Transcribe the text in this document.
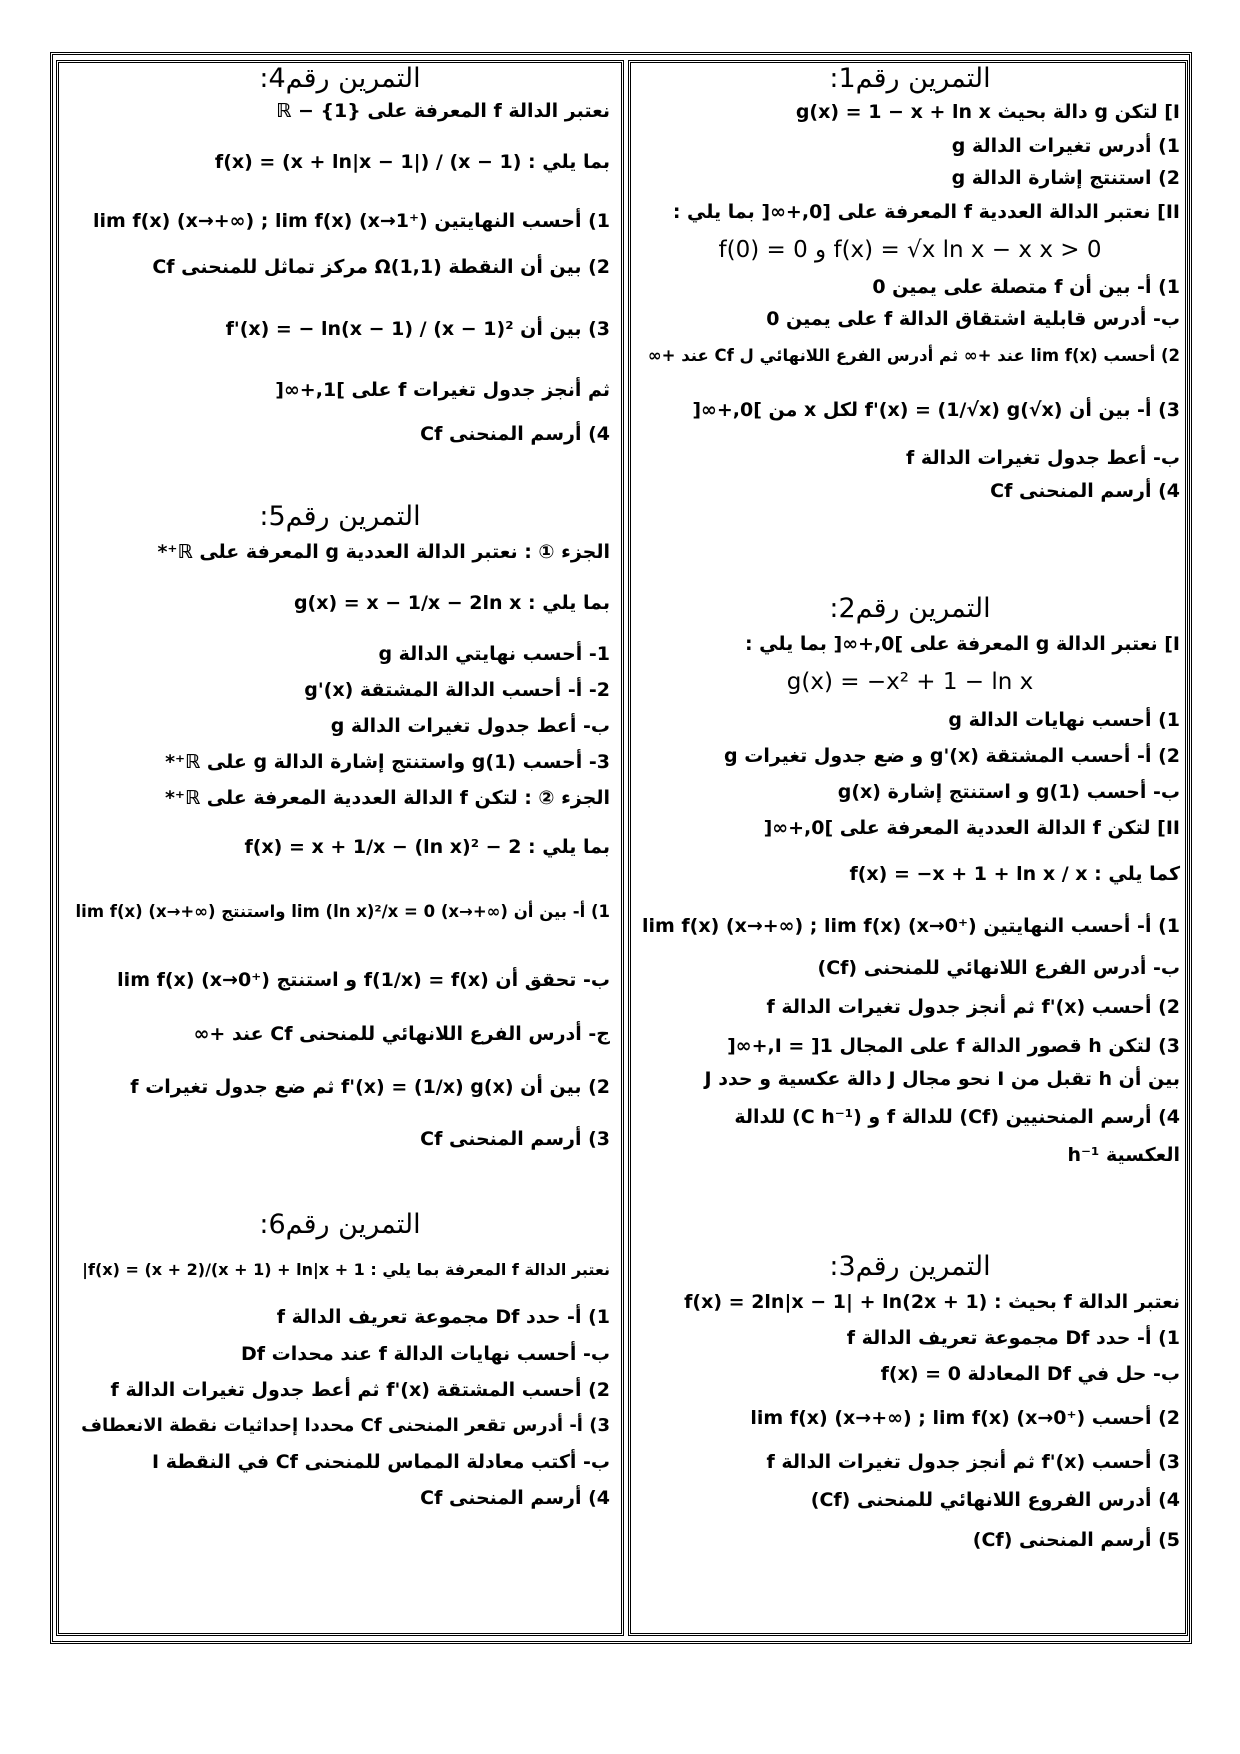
التمرين رقم1:
I] لتكن g دالة بحيث g(x) = 1 − x + ln x
1) أدرس تغيرات الدالة g
2) استنتج إشارة الدالة g
II] نعتبر الدالة العددية f المعرفة على [0,+∞[ بما يلي :
f(x) = √x ln x − x x > 0 و f(0) = 0
1) أ- بين أن f متصلة على يمين 0
ب- أدرس قابلية اشتقاق الدالة f على يمين 0
2) أحسب lim f(x) عند +∞ ثم أدرس الفرع اللانهائي ل Cf عند +∞
3) أ- بين أن f'(x) = (1/√x) g(√x) لكل x من ]0,+∞[
ب- أعط جدول تغيرات الدالة f
4) أرسم المنحنى Cf
التمرين رقم2:
I] نعتبر الدالة g المعرفة على ]0,+∞[ بما يلي :
g(x) = −x² + 1 − ln x
1) أحسب نهايات الدالة g
2) أ- أحسب المشتقة g'(x) و ضع جدول تغيرات g
ب- أحسب g(1) و استنتج إشارة g(x)
II] لتكن f الدالة العددية المعرفة على ]0,+∞[
كما يلي : f(x) = −x + 1 + ln x / x
1) أ- أحسب النهايتين lim f(x) (x→+∞) ; lim f(x) (x→0⁺)
ب- أدرس الفرع اللانهائي للمنحنى (Cf)
2) أحسب f'(x) ثم أنجز جدول تغيرات الدالة f
3) لتكن h قصور الدالة f على المجال I = ]1,+∞[
بين أن h تقبل من I نحو مجال J دالة عكسية و حدد J
4) أرسم المنحنيين (Cf) للدالة f و (C h⁻¹) للدالة
العكسية h⁻¹
التمرين رقم3:
نعتبر الدالة f بحيث : f(x) = 2ln|x − 1| + ln(2x + 1)
1) أ- حدد Df مجموعة تعريف الدالة f
ب- حل في Df المعادلة f(x) = 0
2) أحسب lim f(x) (x→+∞) ; lim f(x) (x→0⁺)
3) أحسب f'(x) ثم أنجز جدول تغيرات الدالة f
4) أدرس الفروع اللانهائي للمنحنى (Cf)
5) أرسم المنحنى (Cf)
التمرين رقم4:
نعتبر الدالة f المعرفة على ℝ − {1}
بما يلي : f(x) = (x + ln|x − 1|) / (x − 1)
1) أحسب النهايتين lim f(x) (x→+∞) ; lim f(x) (x→1⁺)
2) بين أن النقطة Ω(1,1) مركز تماثل للمنحنى Cf
3) بين أن f'(x) = − ln(x − 1) / (x − 1)²
ثم أنجز جدول تغيرات f على ]1,+∞[
4) أرسم المنحنى Cf
التمرين رقم5:
الجزء ① : نعتبر الدالة العددية g المعرفة على ℝ⁺*
بما يلي : g(x) = x − 1/x − 2ln x
1- أحسب نهايتي الدالة g
2- أ- أحسب الدالة المشتقة g'(x)
ب- أعط جدول تغيرات الدالة g
3- أحسب g(1) واستنتج إشارة الدالة g على ℝ⁺*
الجزء ② : لتكن f الدالة العددية المعرفة على ℝ⁺*
بما يلي : f(x) = x + 1/x − (ln x)² − 2
1) أ- بين أن lim (ln x)²/x = 0 (x→+∞) واستنتج lim f(x) (x→+∞)
ب- تحقق أن f(1/x) = f(x) و استنتج lim f(x) (x→0⁺)
ج- أدرس الفرع اللانهائي للمنحنى Cf عند +∞
2) بين أن f'(x) = (1/x) g(x) ثم ضع جدول تغيرات f
3) أرسم المنحنى Cf
التمرين رقم6:
نعتبر الدالة f المعرفة بما يلي : f(x) = (x + 2)/(x + 1) + ln|x + 1|
1) أ- حدد Df مجموعة تعريف الدالة f
ب- أحسب نهايات الدالة f عند محدات Df
2) أحسب المشتقة f'(x) ثم أعط جدول تغيرات الدالة f
3) أ- أدرس تقعر المنحنى Cf محددا إحداثيات نقطة الانعطاف
ب- أكتب معادلة المماس للمنحنى Cf في النقطة I
4) أرسم المنحنى Cf
